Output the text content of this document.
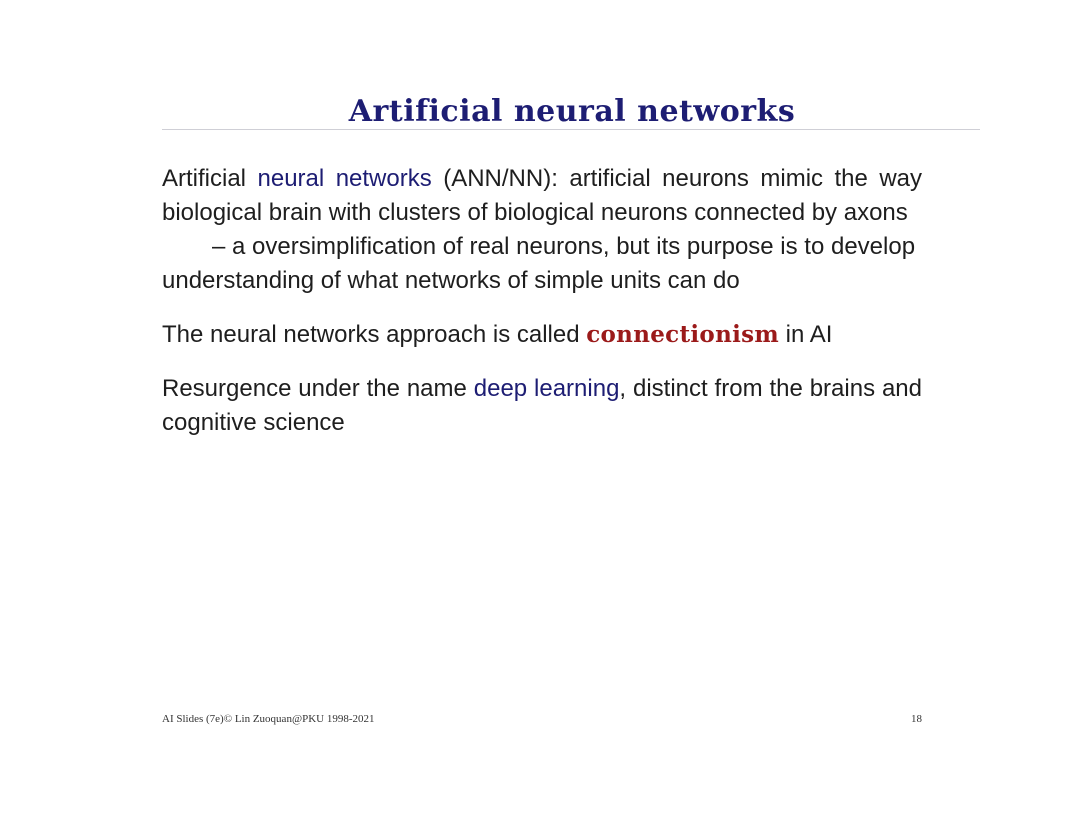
Artificial neural networks

Artificial neural networks (ANN/NN): artificial neurons mimic the way biological brain with clusters of biological neurons connected by axons
– a oversimplification of real neurons, but its purpose is to develop
understanding of what networks of simple units can do

The neural networks approach is called connectionism in AI

Resurgence under the name deep learning, distinct from the brains and cognitive science

AI Slides (7e)© Lin Zuoquan@PKU 1998-2021	18
